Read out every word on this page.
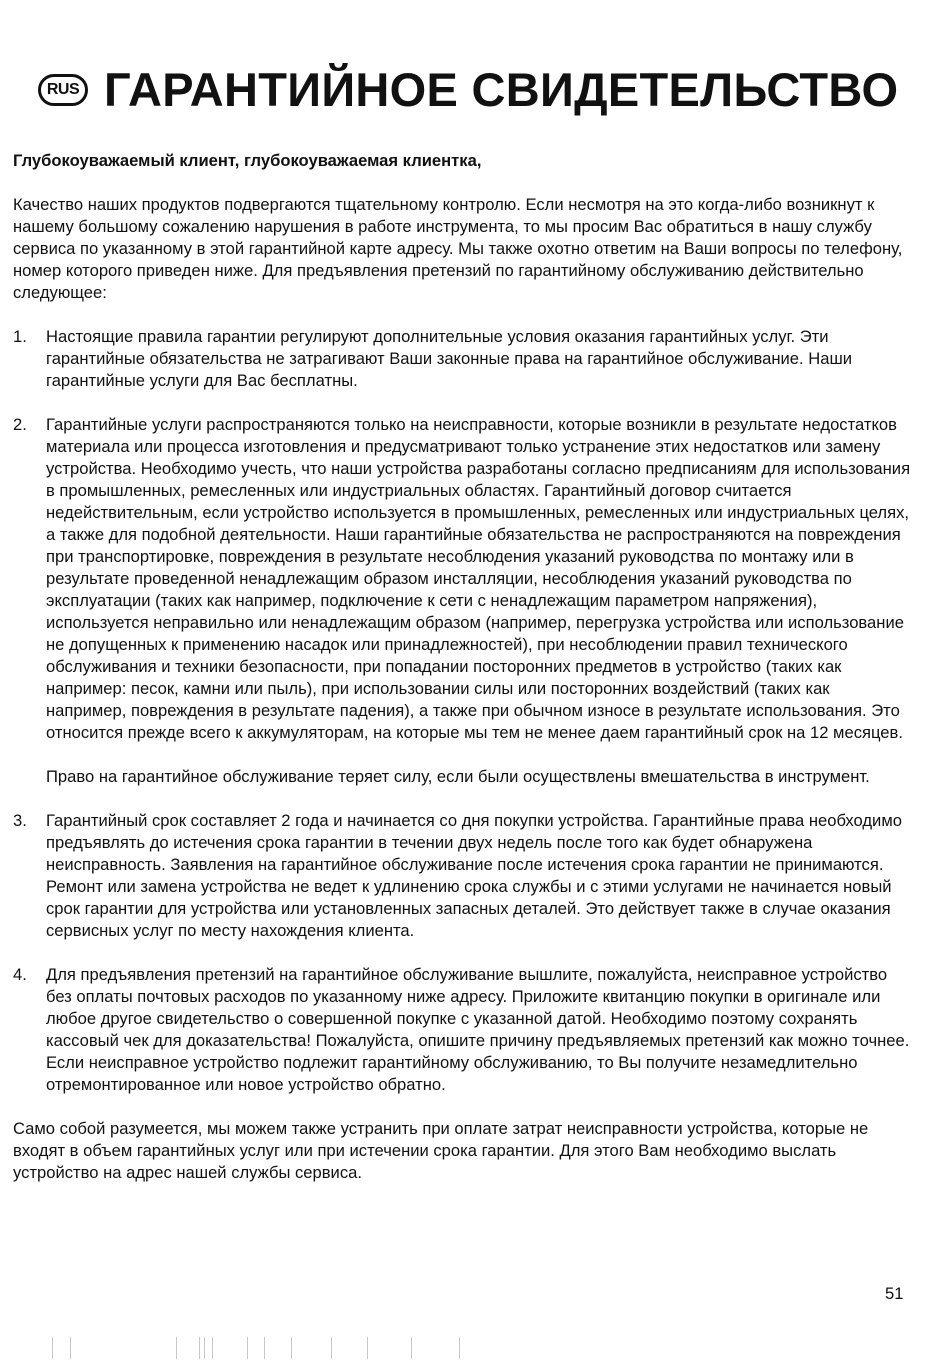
RUS ГАРАНТИЙНОЕ СВИДЕТЕЛЬСТВО

Глубокоуважаемый клиент, глубокоуважаемая клиентка,

Качество наших продуктов подвергаются тщательному контролю. Если несмотря на это когда-либо возникнут к нашему большому сожалению нарушения в работе инструмента, то мы просим Вас обратиться в нашу службу сервиса по указанному в этой гарантийной карте адресу. Мы также охотно ответим на Ваши вопросы по телефону, номер которого приведен ниже. Для предъявления претензий по гарантийному обслуживанию действительно следующее:

1. Настоящие правила гарантии регулируют дополнительные условия оказания гарантийных услуг. Эти гарантийные обязательства не затрагивают Ваши законные права на гарантийное обслуживание. Наши гарантийные услуги для Вас бесплатны.

2. Гарантийные услуги распространяются только на неисправности, которые возникли в результате недостатков материала или процесса изготовления и предусматривают только устранение этих недостатков или замену устройства. Необходимо учесть, что наши устройства разработаны согласно предписаниям для использования в промышленных, ремесленных или индустриальных областях. Гарантийный договор считается недействительным, если устройство используется в промышленных, ремесленных или индустриальных целях, а также для подобной деятельности. Наши гарантийные обязательства не распространяются на повреждения при транспортировке, повреждения в результате несоблюдения указаний руководства по монтажу или в результате проведенной ненадлежащим образом инсталляции, несоблюдения указаний руководства по эксплуатации (таких как например, подключение к сети с ненадлежащим параметром напряжения), используется неправильно или ненадлежащим образом (например, перегрузка устройства или использование не допущенных к применению насадок или принадлежностей), при несоблюдении правил технического обслуживания и техники безопасности, при попадании посторонних предметов в устройство (таких как например: песок, камни или пыль), при использовании силы или посторонних воздействий (таких как например, повреждения в результате падения), а также при обычном износе в результате использования. Это относится прежде всего к аккумуляторам, на которые мы тем не менее даем гарантийный срок на 12 месяцев.

Право на гарантийное обслуживание теряет силу, если были осуществлены вмешательства в инструмент.

3. Гарантийный срок составляет 2 года и начинается со дня покупки устройства. Гарантийные права необходимо предъявлять до истечения срока гарантии в течении двух недель после того как будет обнаружена неисправность. Заявления на гарантийное обслуживание после истечения срока гарантии не принимаются. Ремонт или замена устройства не ведет к удлинению срока службы и с этими услугами не начинается новый срок гарантии для устройства или установленных запасных деталей. Это действует также в случае оказания сервисных услуг по месту нахождения клиента.

4. Для предъявления претензий на гарантийное обслуживание вышлите, пожалуйста, неисправное устройство без оплаты почтовых расходов по указанному ниже адресу. Приложите квитанцию покупки в оригинале или любое другое свидетельство о совершенной покупке с указанной датой. Необходимо поэтому сохранять кассовый чек для доказательства! Пожалуйста, опишите причину предъявляемых претензий как можно точнее. Если неисправное устройство подлежит гарантийному обслуживанию, то Вы получите незамедлительно отремонтированное или новое устройство обратно.

Само собой разумеется, мы можем также устранить при оплате затрат неисправности устройства, которые не входят в объем гарантийных услуг или при истечении срока гарантии. Для этого Вам необходимо выслать устройство на адрес нашей службы сервиса.

51
